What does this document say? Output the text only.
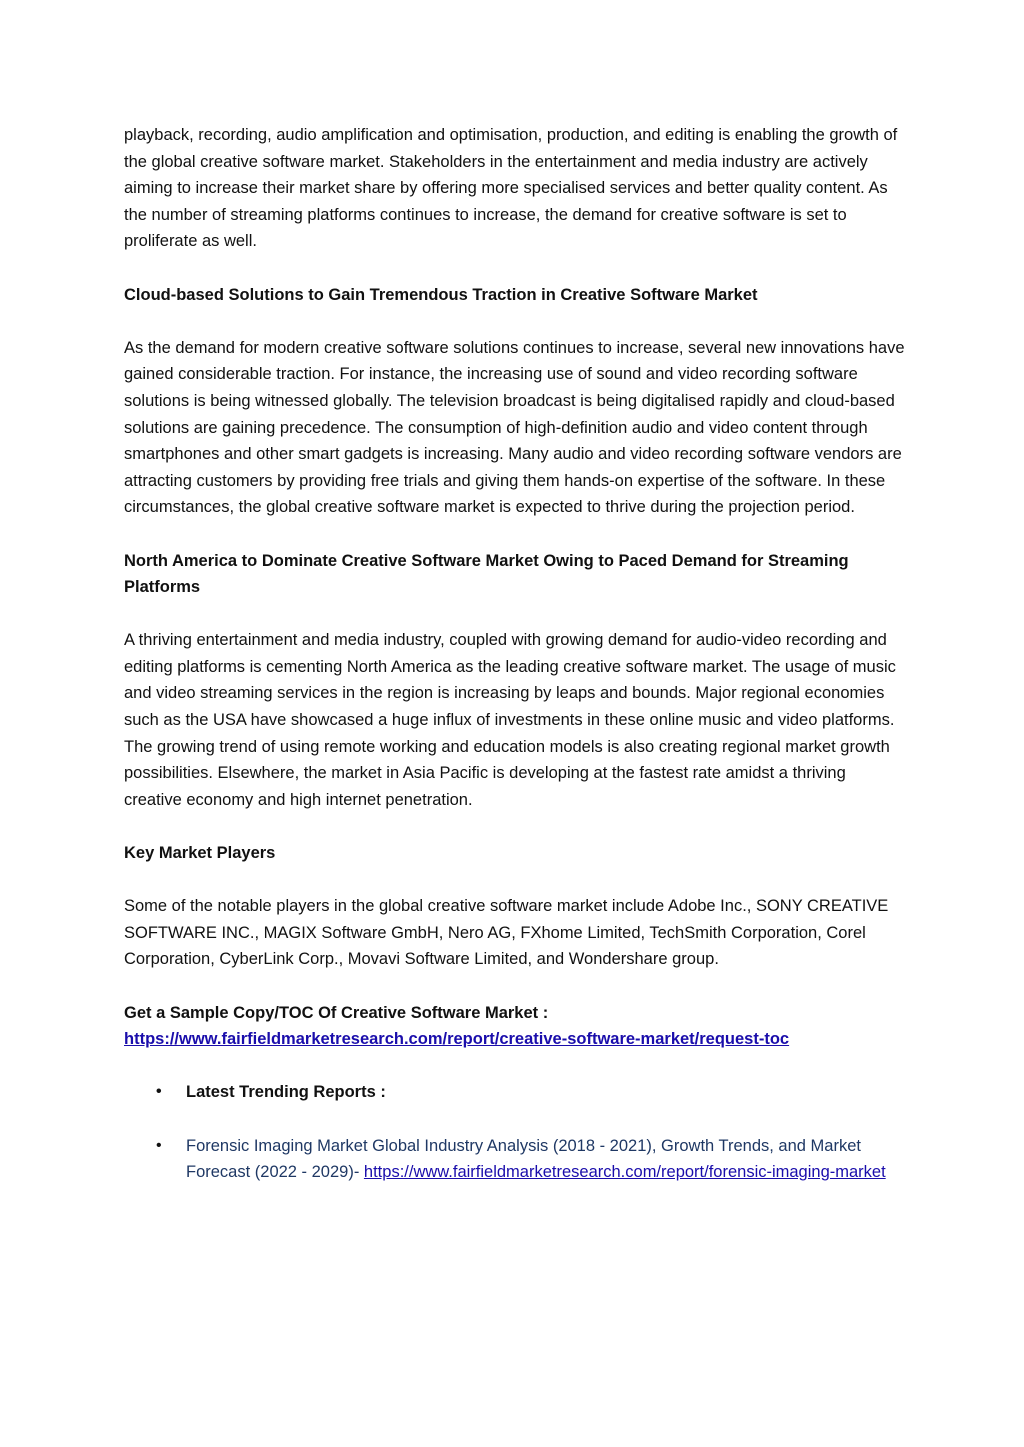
playback, recording, audio amplification and optimisation, production, and editing is enabling the growth of the global creative software market. Stakeholders in the entertainment and media industry are actively aiming to increase their market share by offering more specialised services and better quality content. As the number of streaming platforms continues to increase, the demand for creative software is set to proliferate as well.

Cloud-based Solutions to Gain Tremendous Traction in Creative Software Market

As the demand for modern creative software solutions continues to increase, several new innovations have gained considerable traction. For instance, the increasing use of sound and video recording software solutions is being witnessed globally. The television broadcast is being digitalised rapidly and cloud-based solutions are gaining precedence. The consumption of high-definition audio and video content through smartphones and other smart gadgets is increasing. Many audio and video recording software vendors are attracting customers by providing free trials and giving them hands-on expertise of the software. In these circumstances, the global creative software market is expected to thrive during the projection period.

North America to Dominate Creative Software Market Owing to Paced Demand for Streaming Platforms

A thriving entertainment and media industry, coupled with growing demand for audio-video recording and editing platforms is cementing North America as the leading creative software market. The usage of music and video streaming services in the region is increasing by leaps and bounds. Major regional economies such as the USA have showcased a huge influx of investments in these online music and video platforms. The growing trend of using remote working and education models is also creating regional market growth possibilities. Elsewhere, the market in Asia Pacific is developing at the fastest rate amidst a thriving creative economy and high internet penetration.

Key Market Players

Some of the notable players in the global creative software market include Adobe Inc., SONY CREATIVE SOFTWARE INC., MAGIX Software GmbH, Nero AG, FXhome Limited, TechSmith Corporation, Corel Corporation, CyberLink Corp., Movavi Software Limited, and Wondershare group.

Get a Sample Copy/TOC Of Creative Software Market :
https://www.fairfieldmarketresearch.com/report/creative-software-market/request-toc

• Latest Trending Reports :
• Forensic Imaging Market Global Industry Analysis (2018 - 2021), Growth Trends, and Market Forecast (2022 - 2029)- https://www.fairfieldmarketresearch.com/report/forensic-imaging-market
